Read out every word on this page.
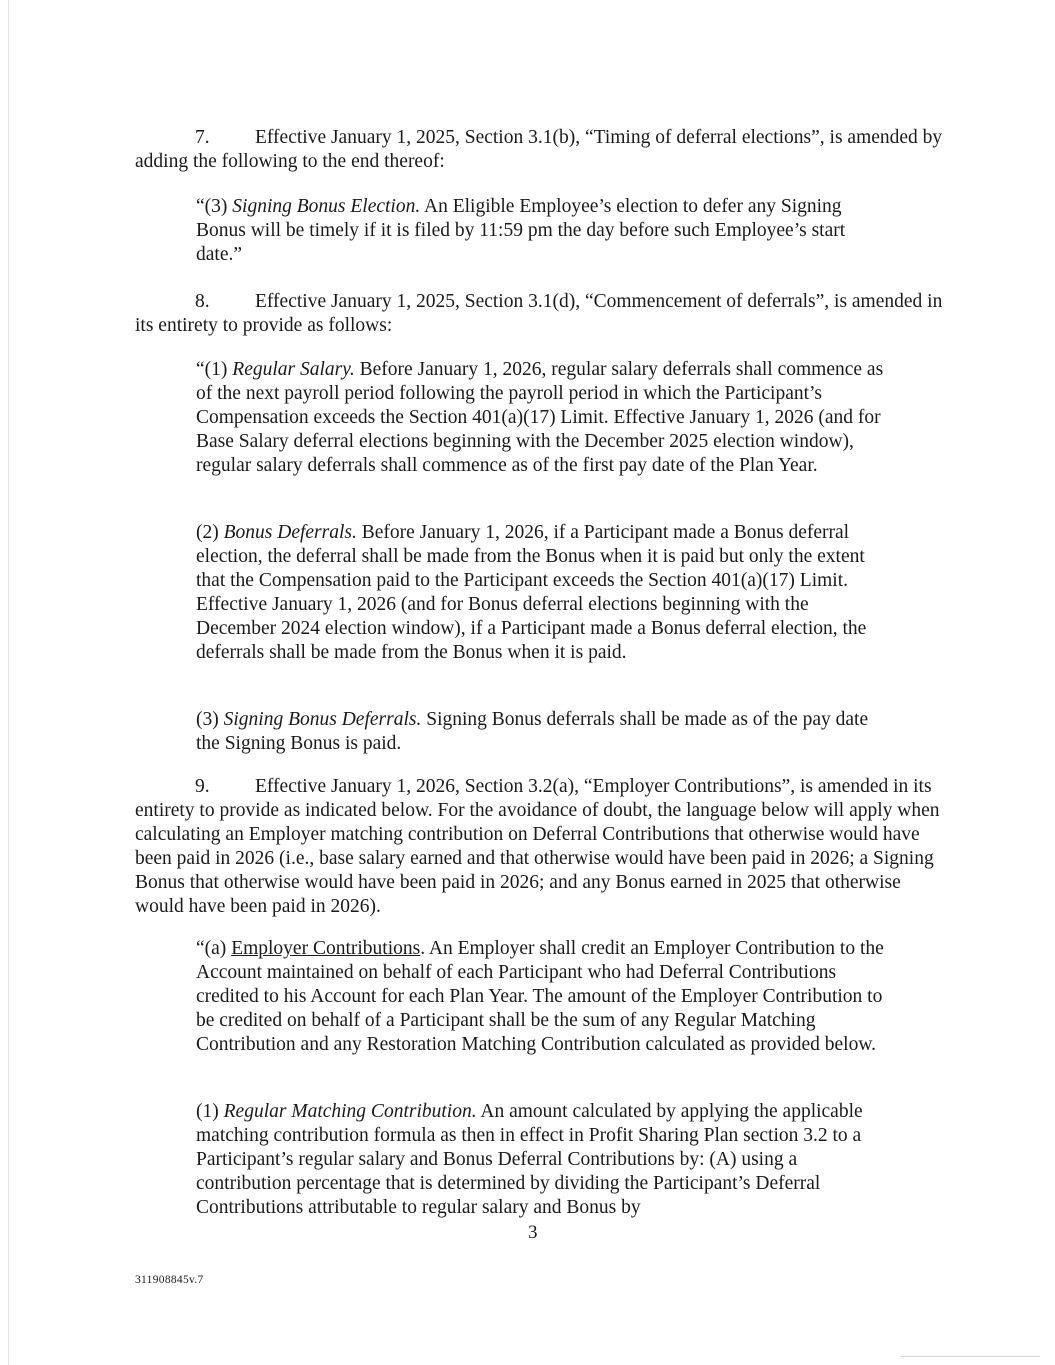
7. Effective January 1, 2025, Section 3.1(b), “Timing of deferral elections”, is amended by adding the following to the end thereof:

“(3) Signing Bonus Election. An Eligible Employee’s election to defer any Signing Bonus will be timely if it is filed by 11:59 pm the day before such Employee’s start date.”

8. Effective January 1, 2025, Section 3.1(d), “Commencement of deferrals”, is amended in its entirety to provide as follows:

“(1) Regular Salary. Before January 1, 2026, regular salary deferrals shall commence as of the next payroll period following the payroll period in which the Participant’s Compensation exceeds the Section 401(a)(17) Limit. Effective January 1, 2026 (and for Base Salary deferral elections beginning with the December 2025 election window), regular salary deferrals shall commence as of the first pay date of the Plan Year.

(2) Bonus Deferrals. Before January 1, 2026, if a Participant made a Bonus deferral election, the deferral shall be made from the Bonus when it is paid but only the extent that the Compensation paid to the Participant exceeds the Section 401(a)(17) Limit. Effective January 1, 2026 (and for Bonus deferral elections beginning with the December 2024 election window), if a Participant made a Bonus deferral election, the deferrals shall be made from the Bonus when it is paid.

(3) Signing Bonus Deferrals. Signing Bonus deferrals shall be made as of the pay date the Signing Bonus is paid.

9. Effective January 1, 2026, Section 3.2(a), “Employer Contributions”, is amended in its entirety to provide as indicated below. For the avoidance of doubt, the language below will apply when calculating an Employer matching contribution on Deferral Contributions that otherwise would have been paid in 2026 (i.e., base salary earned and that otherwise would have been paid in 2026; a Signing Bonus that otherwise would have been paid in 2026; and any Bonus earned in 2025 that otherwise would have been paid in 2026).

“(a) Employer Contributions. An Employer shall credit an Employer Contribution to the Account maintained on behalf of each Participant who had Deferral Contributions credited to his Account for each Plan Year. The amount of the Employer Contribution to be credited on behalf of a Participant shall be the sum of any Regular Matching Contribution and any Restoration Matching Contribution calculated as provided below.

(1) Regular Matching Contribution. An amount calculated by applying the applicable matching contribution formula as then in effect in Profit Sharing Plan section 3.2 to a Participant’s regular salary and Bonus Deferral Contributions by: (A) using a contribution percentage that is determined by dividing the Participant’s Deferral Contributions attributable to regular salary and Bonus by

3
311908845v.7
